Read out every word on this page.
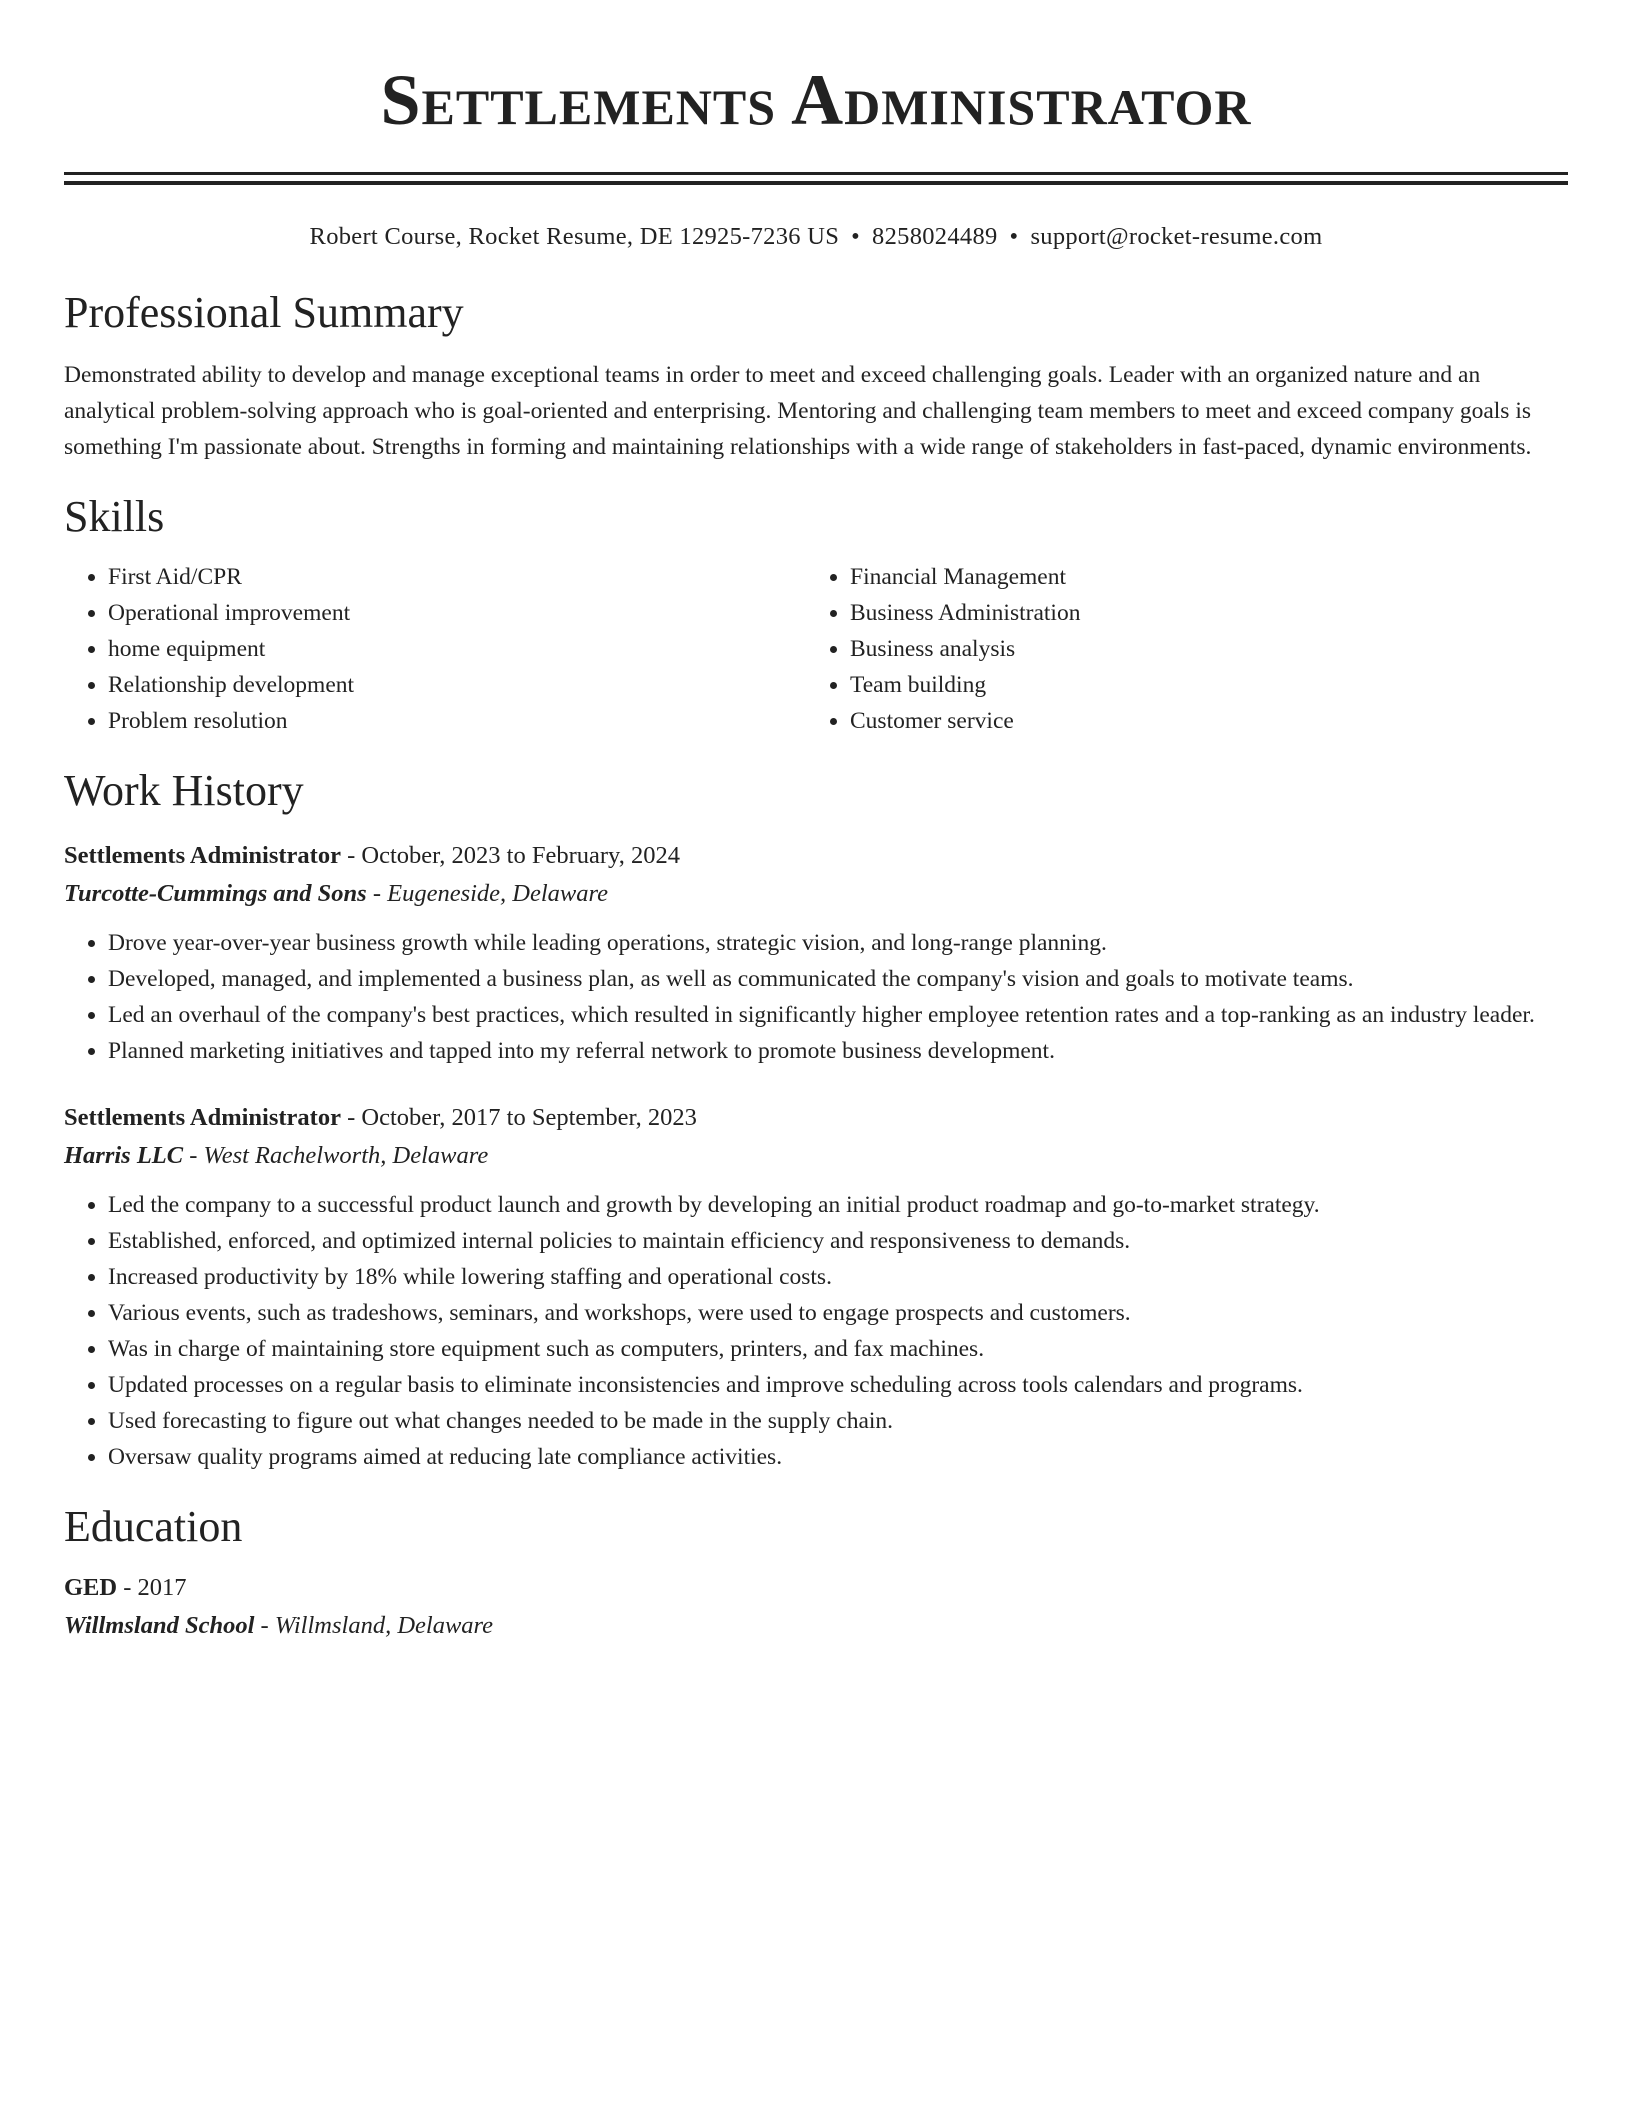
Settlements Administrator
Robert Course, Rocket Resume, DE 12925-7236 US • 8258024489 • support@rocket-resume.com
Professional Summary
Demonstrated ability to develop and manage exceptional teams in order to meet and exceed challenging goals. Leader with an organized nature and an analytical problem-solving approach who is goal-oriented and enterprising. Mentoring and challenging team members to meet and exceed company goals is something I'm passionate about. Strengths in forming and maintaining relationships with a wide range of stakeholders in fast-paced, dynamic environments.
Skills
• First Aid/CPR
• Operational improvement
• home equipment
• Relationship development
• Problem resolution
• Financial Management
• Business Administration
• Business analysis
• Team building
• Customer service
Work History
Settlements Administrator - October, 2023 to February, 2024
Turcotte-Cummings and Sons - Eugeneside, Delaware
• Drove year-over-year business growth while leading operations, strategic vision, and long-range planning.
• Developed, managed, and implemented a business plan, as well as communicated the company's vision and goals to motivate teams.
• Led an overhaul of the company's best practices, which resulted in significantly higher employee retention rates and a top-ranking as an industry leader.
• Planned marketing initiatives and tapped into my referral network to promote business development.
Settlements Administrator - October, 2017 to September, 2023
Harris LLC - West Rachelworth, Delaware
• Led the company to a successful product launch and growth by developing an initial product roadmap and go-to-market strategy.
• Established, enforced, and optimized internal policies to maintain efficiency and responsiveness to demands.
• Increased productivity by 18% while lowering staffing and operational costs.
• Various events, such as tradeshows, seminars, and workshops, were used to engage prospects and customers.
• Was in charge of maintaining store equipment such as computers, printers, and fax machines.
• Updated processes on a regular basis to eliminate inconsistencies and improve scheduling across tools calendars and programs.
• Used forecasting to figure out what changes needed to be made in the supply chain.
• Oversaw quality programs aimed at reducing late compliance activities.
Education
GED - 2017
Willmsland School - Willmsland, Delaware
